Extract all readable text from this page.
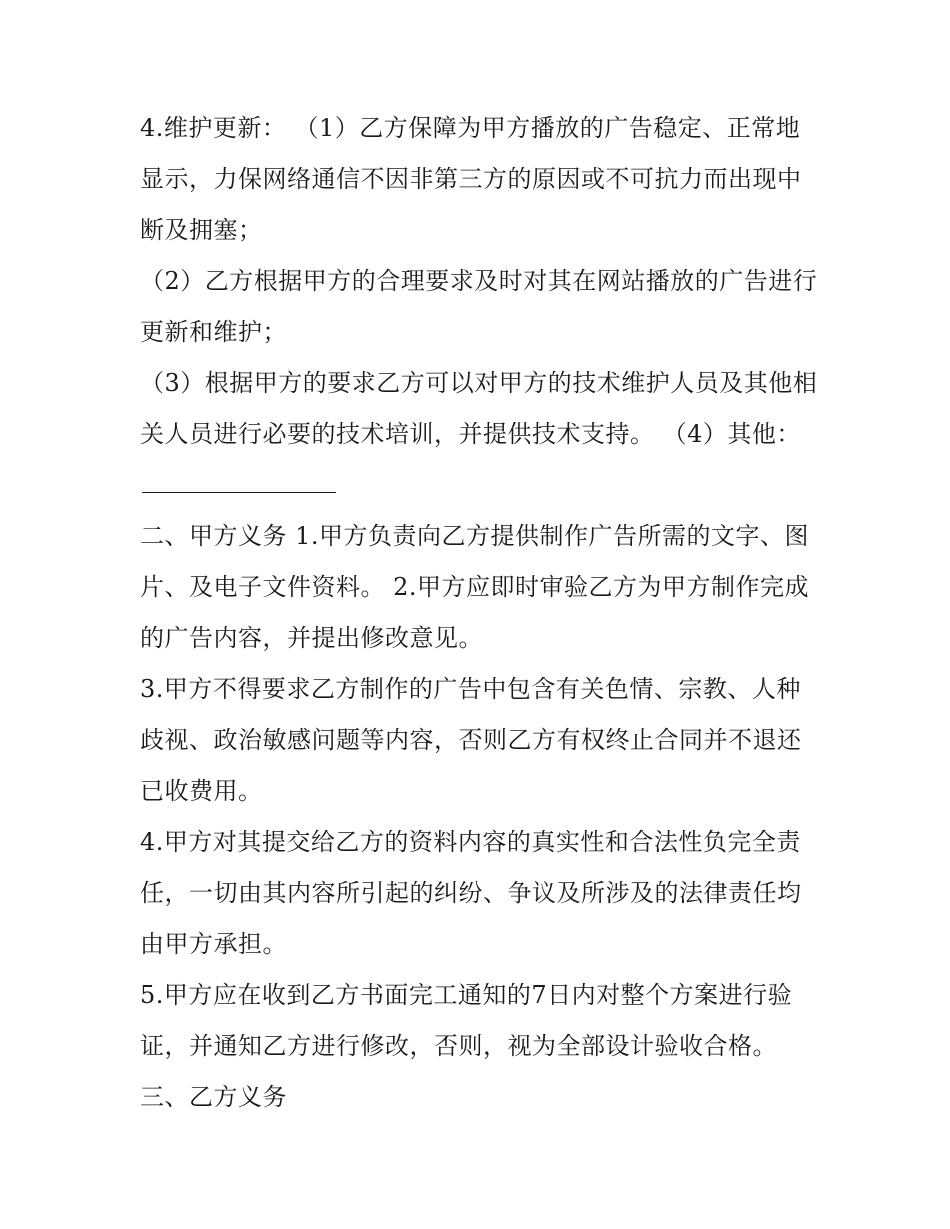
4.维护更新： （1）乙方保障为甲方播放的广告稳定、正常地显示，力保网络通信不因非第三方的原因或不可抗力而出现中断及拥塞；

（2）乙方根据甲方的合理要求及时对其在网站播放的广告进行更新和维护；

（3）根据甲方的要求乙方可以对甲方的技术维护人员及其他相关人员进行必要的技术培训，并提供技术支持。 （4）其他：

二、甲方义务 1.甲方负责向乙方提供制作广告所需的文字、图片、及电子文件资料。 2.甲方应即时审验乙方为甲方制作完成的广告内容，并提出修改意见。

3.甲方不得要求乙方制作的广告中包含有关色情、宗教、人种歧视、政治敏感问题等内容，否则乙方有权终止合同并不退还已收费用。

4.甲方对其提交给乙方的资料内容的真实性和合法性负完全责任，一切由其内容所引起的纠纷、争议及所涉及的法律责任均由甲方承担。

5.甲方应在收到乙方书面完工通知的7日内对整个方案进行验证，并通知乙方进行修改，否则，视为全部设计验收合格。

三、乙方义务
